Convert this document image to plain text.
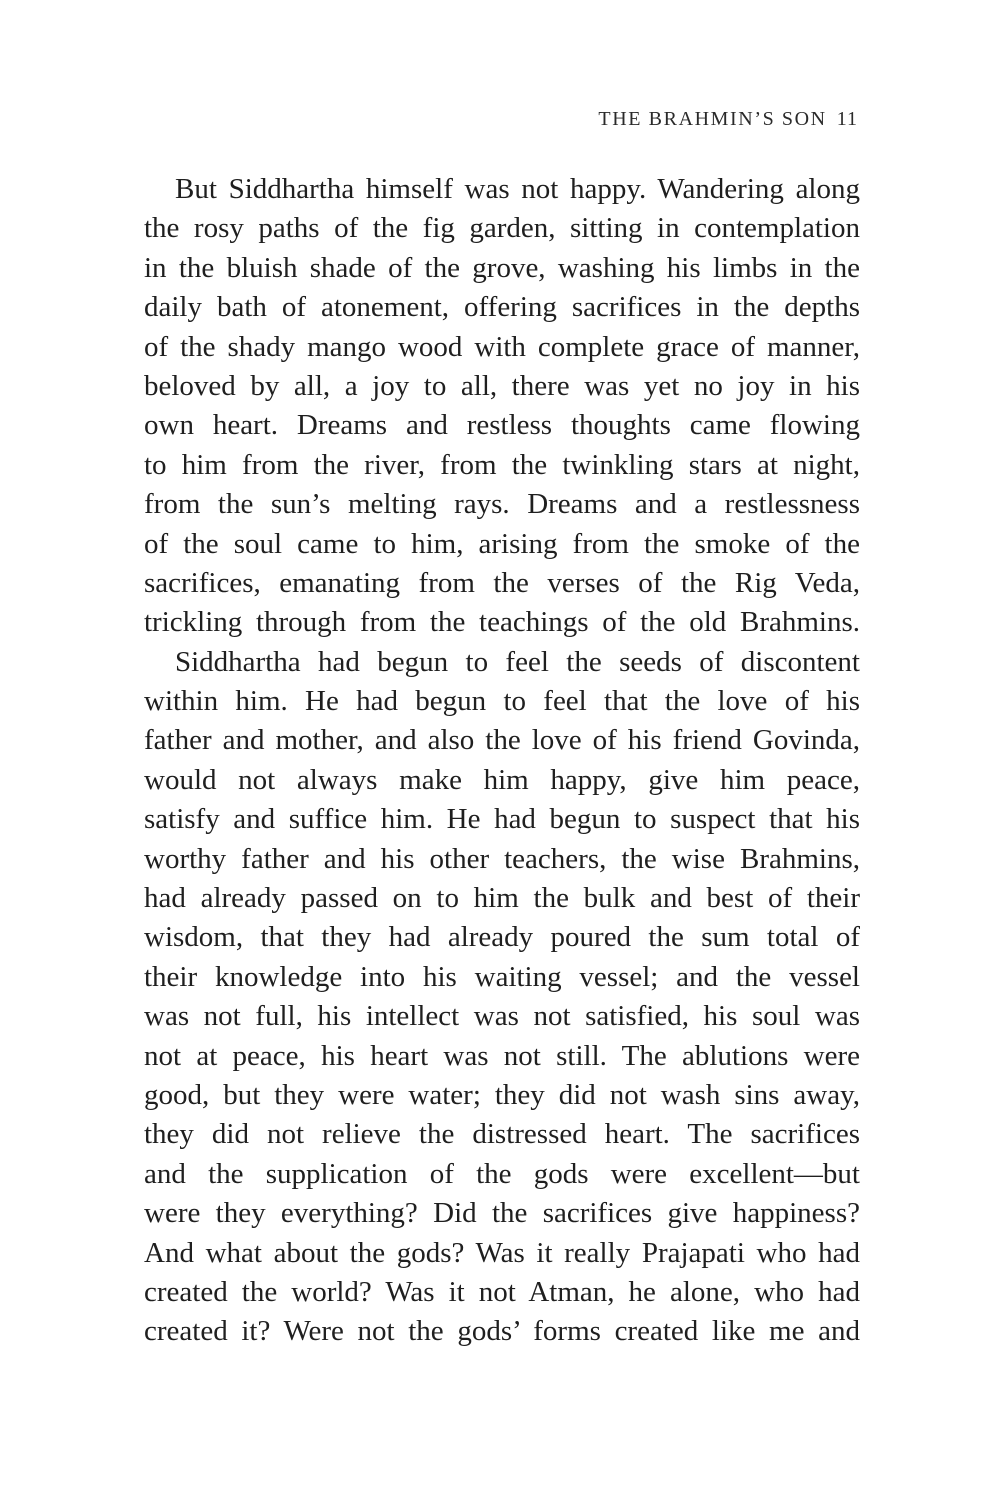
THE BRAHMIN’S SON 11
But Siddhartha himself was not happy. Wandering along
the rosy paths of the fig garden, sitting in contemplation
in the bluish shade of the grove, washing his limbs in the
daily bath of atonement, offering sacrifices in the depths
of the shady mango wood with complete grace of manner,
beloved by all, a joy to all, there was yet no joy in his
own heart. Dreams and restless thoughts came flowing
to him from the river, from the twinkling stars at night,
from the sun’s melting rays. Dreams and a restlessness
of the soul came to him, arising from the smoke of the
sacrifices, emanating from the verses of the Rig Veda,
trickling through from the teachings of the old Brahmins.
Siddhartha had begun to feel the seeds of discontent
within him. He had begun to feel that the love of his
father and mother, and also the love of his friend Govinda,
would not always make him happy, give him peace,
satisfy and suffice him. He had begun to suspect that his
worthy father and his other teachers, the wise Brahmins,
had already passed on to him the bulk and best of their
wisdom, that they had already poured the sum total of
their knowledge into his waiting vessel; and the vessel
was not full, his intellect was not satisfied, his soul was
not at peace, his heart was not still. The ablutions were
good, but they were water; they did not wash sins away,
they did not relieve the distressed heart. The sacrifices
and the supplication of the gods were excellent—but
were they everything? Did the sacrifices give happiness?
And what about the gods? Was it really Prajapati who had
created the world? Was it not Atman, he alone, who had
created it? Were not the gods’ forms created like me and
